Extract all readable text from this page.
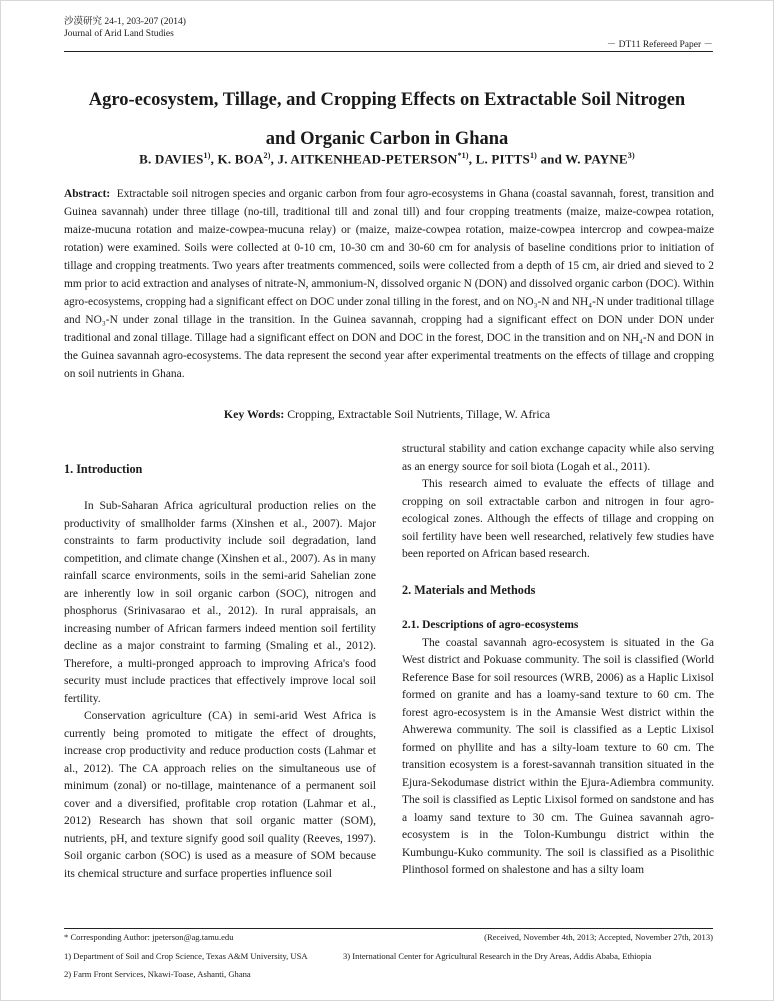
沙漠研究 24-1, 203-207 (2014)
Journal of Arid Land Studies
－ DT11 Refereed Paper －
Agro-ecosystem, Tillage, and Cropping Effects on Extractable Soil Nitrogen
and Organic Carbon in Ghana
B. DAVIES$^{1)}$, K. BOA$^{2)}$, J. AITKENHEAD-PETERSON$^{*1)}$, L. PITTS$^{1)}$ and W. PAYNE$^{3)}$
Abstract: Extractable soil nitrogen species and organic carbon from four agro-ecosystems in Ghana (coastal savannah, forest, transition and Guinea savannah) under three tillage (no-till, traditional till and zonal till) and four cropping treatments (maize, maize-cowpea rotation, maize-mucuna rotation and maize-cowpea-mucuna relay) or (maize, maize-cowpea rotation, maize-cowpea intercrop and cowpea-maize rotation) were examined. Soils were collected at 0-10 cm, 10-30 cm and 30-60 cm for analysis of baseline conditions prior to initiation of tillage and cropping treatments. Two years after treatments commenced, soils were collected from a depth of 15 cm, air dried and sieved to 2 mm prior to acid extraction and analyses of nitrate-N, ammonium-N, dissolved organic N (DON) and dissolved organic carbon (DOC). Within agro-ecosystems, cropping had a significant effect on DOC under zonal tilling in the forest, and on NO₃-N and NH₄-N under traditional tillage and NO₃-N under zonal tillage in the transition. In the Guinea savannah, cropping had a significant effect on DON under DON under traditional and zonal tillage. Tillage had a significant effect on DON and DOC in the forest, DOC in the transition and on NH₄-N and DON in the Guinea savannah agro-ecosystems. The data represent the second year after experimental treatments on the effects of tillage and cropping on soil nutrients in Ghana.
Key Words: Cropping, Extractable Soil Nutrients, Tillage, W. Africa
1. Introduction

In Sub-Saharan Africa agricultural production relies on the productivity of smallholder farms (Xinshen et al., 2007). Major constraints to farm productivity include soil degradation, land competition, and climate change (Xinshen et al., 2007). As in many rainfall scarce environments, soils in the semi-arid Sahelian zone are inherently low in soil organic carbon (SOC), nitrogen and phosphorus (Srinivasarao et al., 2012). In rural appraisals, an increasing number of African farmers indeed mention soil fertility decline as a major constraint to farming (Smaling et al., 2012). Therefore, a multi-pronged approach to improving Africa's food security must include practices that effectively improve local soil fertility.

Conservation agriculture (CA) in semi-arid West Africa is currently being promoted to mitigate the effect of droughts, increase crop productivity and reduce production costs (Lahmar et al., 2012). The CA approach relies on the simultaneous use of minimum (zonal) or no-tillage, maintenance of a permanent soil cover and a diversified, profitable crop rotation (Lahmar et al., 2012) Research has shown that soil organic matter (SOM), nutrients, pH, and texture signify good soil quality (Reeves, 1997). Soil organic carbon (SOC) is used as a measure of SOM because its chemical structure and surface properties influence soil

structural stability and cation exchange capacity while also serving as an energy source for soil biota (Logah et al., 2011).

This research aimed to evaluate the effects of tillage and cropping on soil extractable carbon and nitrogen in four agro-ecological zones. Although the effects of tillage and cropping on soil fertility have been well researched, relatively few studies have been reported on African based research.

2. Materials and Methods
2.1. Descriptions of agro-ecosystems

The coastal savannah agro-ecosystem is situated in the Ga West district and Pokuase community. The soil is classified (World Reference Base for soil resources (WRB, 2006) as a Haplic Lixisol formed on granite and has a loamy-sand texture to 60 cm. The forest agro-ecosystem is in the Amansie West district within the Ahwerewa community. The soil is classified as a Leptic Lixisol formed on phyllite and has a silty-loam texture to 60 cm. The transition ecosystem is a forest-savannah transition situated in the Ejura-Sekodumase district within the Ejura-Adiembra community. The soil is classified as Leptic Lixisol formed on sandstone and has a loamy sand texture to 30 cm. The Guinea savannah agro-ecosystem is in the Tolon-Kumbungu district within the Kumbungu-Kuko community. The soil is classified as a Pisolithic Plinthosol formed on shalestone and has a silty loam

* Corresponding Author: jpeterson@ag.tamu.edu	(Received, November 4th, 2013; Accepted, November 27th, 2013)
1) Department of Soil and Crop Science, Texas A&M University, USA	3) International Center for Agricultural Research in the Dry Areas, Addis Ababa, Ethiopia
2) Farm Front Services, Nkawi-Toase, Ashanti, Ghana
